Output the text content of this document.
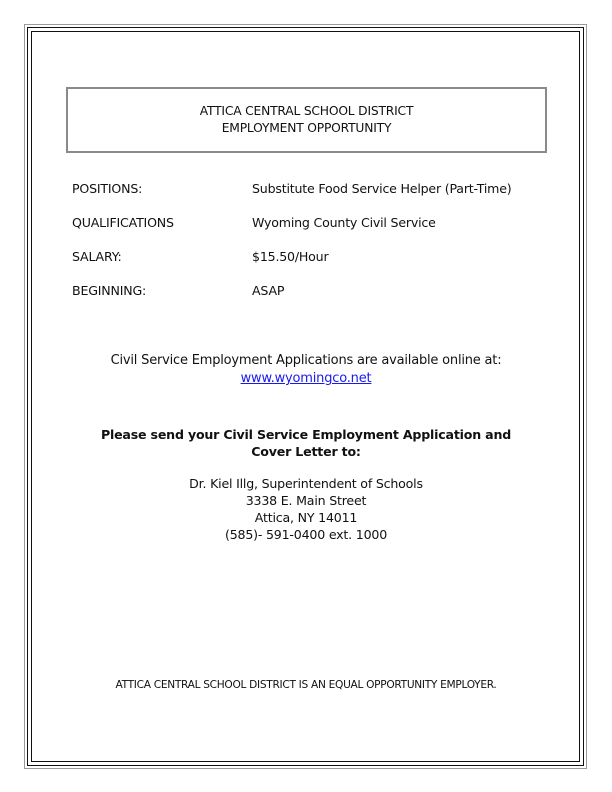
ATTICA CENTRAL SCHOOL DISTRICT
EMPLOYMENT OPPORTUNITY
POSITIONS:	Substitute Food Service Helper (Part-Time)
QUALIFICATIONS	Wyoming County Civil Service
SALARY:	$15.50/Hour
BEGINNING:	ASAP
Civil Service Employment Applications are available online at:
www.wyomingco.net
Please send your Civil Service Employment Application and
Cover Letter to:
Dr. Kiel Illg, Superintendent of Schools
3338 E. Main Street
Attica, NY 14011
(585)- 591-0400 ext. 1000
ATTICA CENTRAL SCHOOL DISTRICT IS AN EQUAL OPPORTUNITY EMPLOYER.
